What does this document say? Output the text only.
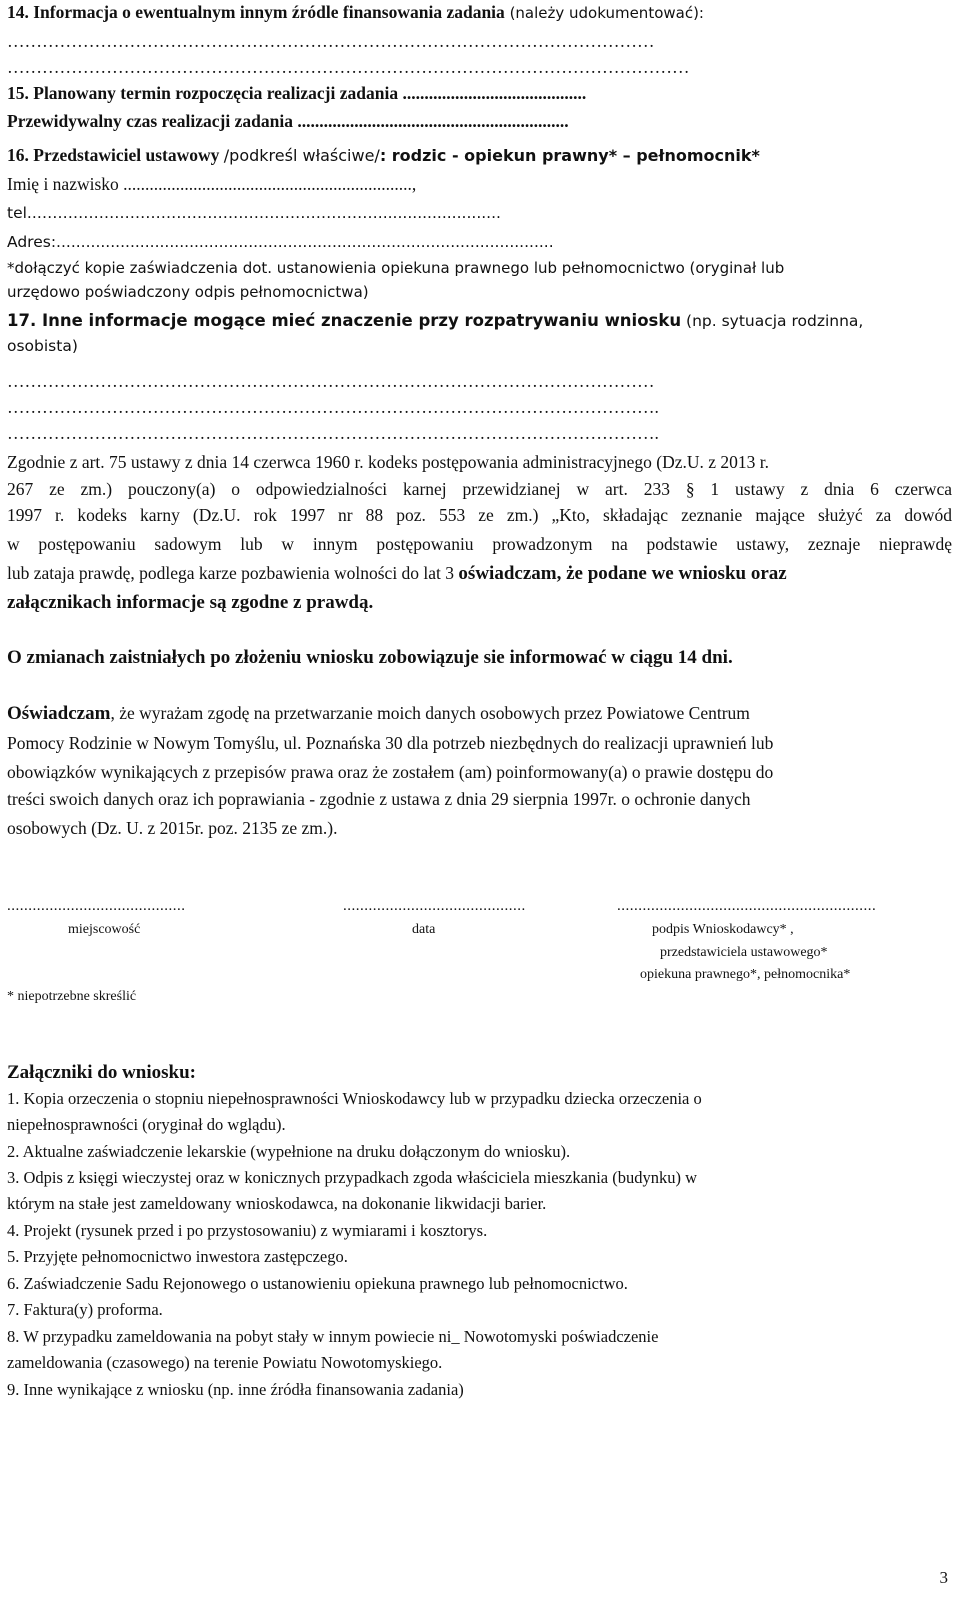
14. Informacja o ewentualnym innym źródle finansowania zadania (należy udokumentować):
…………………………………………………………………………………………………
………………………………………………………………………………………………………
15. Planowany termin rozpoczęcia realizacji zadania ..........................................
Przewidywalny czas realizacji zadania ..............................................................
16. Przedstawiciel ustawowy /podkreśl właściwe/: rodzic - opiekun prawny* – pełnomocnik*
Imię i nazwisko ..................................................................,
tel..………………………………………………………….........................
Adres:.....................................................................................................
*dołączyć kopie zaświadczenia dot. ustanowienia opiekuna prawnego lub pełnomocnictwo (oryginał lub
urzędowo poświadczony odpis pełnomocnictwa)
17. Inne informacje mogące mieć znaczenie przy rozpatrywaniu wniosku (np. sytuacja rodzinna,
osobista)
…………………………………………………………………………………………………
………………………………………………………………………………………………….
………………………………………………………………………………………………….
Zgodnie z art. 75 ustawy z dnia 14 czerwca 1960 r. kodeks postępowania administracyjnego (Dz.U. z 2013 r.
267 ze zm.) pouczony(a) o odpowiedzialności karnej przewidzianej w art. 233 § 1 ustawy z dnia 6 czerwca
1997 r. kodeks karny (Dz.U. rok 1997 nr 88 poz. 553 ze zm.) „Kto, składając zeznanie mające służyć za dowód
w postępowaniu sadowym lub w innym postępowaniu prowadzonym na podstawie ustawy, zeznaje nieprawdę
lub zataja prawdę, podlega karze pozbawienia wolności do lat 3 oświadczam, że podane we wniosku oraz
załącznikach informacje są zgodne z prawdą.
O zmianach zaistniałych po złożeniu wniosku zobowiązuje sie informować w ciągu 14 dni.
Oświadczam, że wyrażam zgodę na przetwarzanie moich danych osobowych przez Powiatowe Centrum
Pomocy Rodzinie w Nowym Tomyślu, ul. Poznańska 30 dla potrzeb niezbędnych do realizacji uprawnień lub
obowiązków wynikających z przepisów prawa oraz że zostałem (am) poinformowany(a) o prawie dostępu do
treści swoich danych oraz ich poprawiania - zgodnie z ustawa z dnia 29 sierpnia 1997r. o ochronie danych
osobowych (Dz. U. z 2015r. poz. 2135 ze zm.).
..........................................	...........................................	.............................................................
miejscowość	data	podpis Wnioskodawcy* ,
przedstawiciela ustawowego*
opiekuna prawnego*, pełnomocnika*
* niepotrzebne skreślić
Załączniki do wniosku:
1. Kopia orzeczenia o stopniu niepełnosprawności Wnioskodawcy lub w przypadku dziecka orzeczenia o
niepełnosprawności (oryginał do wglądu).
2. Aktualne zaświadczenie lekarskie (wypełnione na druku dołączonym do wniosku).
3. Odpis z księgi wieczystej oraz w konicznych przypadkach zgoda właściciela mieszkania (budynku) w
którym na stałe jest zameldowany wnioskodawca, na dokonanie likwidacji barier.
4. Projekt (rysunek przed i po przystosowaniu) z wymiarami i kosztorys.
5. Przyjęte pełnomocnictwo inwestora zastępczego.
6. Zaświadczenie Sadu Rejonowego o ustanowieniu opiekuna prawnego lub pełnomocnictwo.
7. Faktura(y) proforma.
8. W przypadku zameldowania na pobyt stały w innym powiecie ni_ Nowotomyski poświadczenie
zameldowania (czasowego) na terenie Powiatu Nowotomyskiego.
9. Inne wynikające z wniosku (np. inne źródła finansowania zadania)
3
